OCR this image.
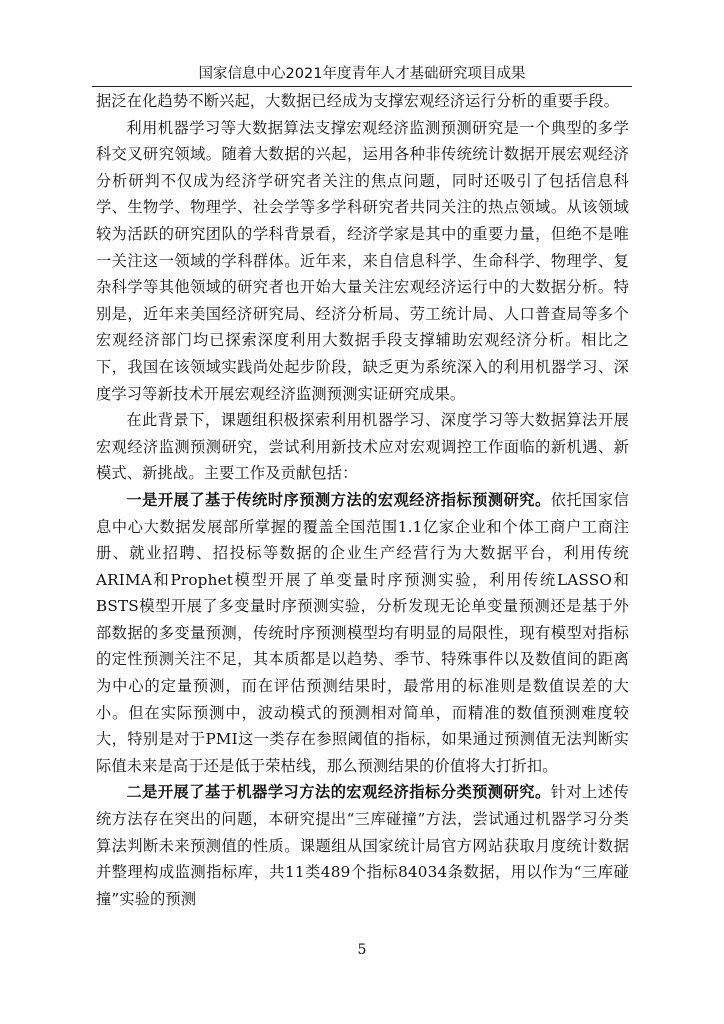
国家信息中心2021年度青年人才基础研究项目成果

据泛在化趋势不断兴起，大数据已经成为支撑宏观经济运行分析的重要手段。

利用机器学习等大数据算法支撑宏观经济监测预测研究是一个典型的多学科交叉研究领域。随着大数据的兴起，运用各种非传统统计数据开展宏观经济分析研判不仅成为经济学研究者关注的焦点问题，同时还吸引了包括信息科学、生物学、物理学、社会学等多学科研究者共同关注的热点领域。从该领域较为活跃的研究团队的学科背景看，经济学家是其中的重要力量，但绝不是唯一关注这一领域的学科群体。近年来，来自信息科学、生命科学、物理学、复杂科学等其他领域的研究者也开始大量关注宏观经济运行中的大数据分析。特别是，近年来美国经济研究局、经济分析局、劳工统计局、人口普查局等多个宏观经济部门均已探索深度利用大数据手段支撑辅助宏观经济分析。相比之下，我国在该领域实践尚处起步阶段，缺乏更为系统深入的利用机器学习、深度学习等新技术开展宏观经济监测预测实证研究成果。

在此背景下，课题组积极探索利用机器学习、深度学习等大数据算法开展宏观经济监测预测研究，尝试利用新技术应对宏观调控工作面临的新机遇、新模式、新挑战。主要工作及贡献包括：

一是开展了基于传统时序预测方法的宏观经济指标预测研究。依托国家信息中心大数据发展部所掌握的覆盖全国范围1.1亿家企业和个体工商户工商注册、就业招聘、招投标等数据的企业生产经营行为大数据平台，利用传统ARIMA和Prophet模型开展了单变量时序预测实验，利用传统LASSO和BSTS模型开展了多变量时序预测实验，分析发现无论单变量预测还是基于外部数据的多变量预测，传统时序预测模型均有明显的局限性，现有模型对指标的定性预测关注不足，其本质都是以趋势、季节、特殊事件以及数值间的距离为中心的定量预测，而在评估预测结果时，最常用的标准则是数值误差的大小。但在实际预测中，波动模式的预测相对简单，而精准的数值预测难度较大，特别是对于PMI这一类存在参照阈值的指标，如果通过预测值无法判断实际值未来是高于还是低于荣枯线，那么预测结果的价值将大打折扣。

二是开展了基于机器学习方法的宏观经济指标分类预测研究。针对上述传统方法存在突出的问题，本研究提出“三库碰撞”方法，尝试通过机器学习分类算法判断未来预测值的性质。课题组从国家统计局官方网站获取月度统计数据并整理构成监测指标库，共11类489个指标84034条数据，用以作为“三库碰撞”实验的预测

5
